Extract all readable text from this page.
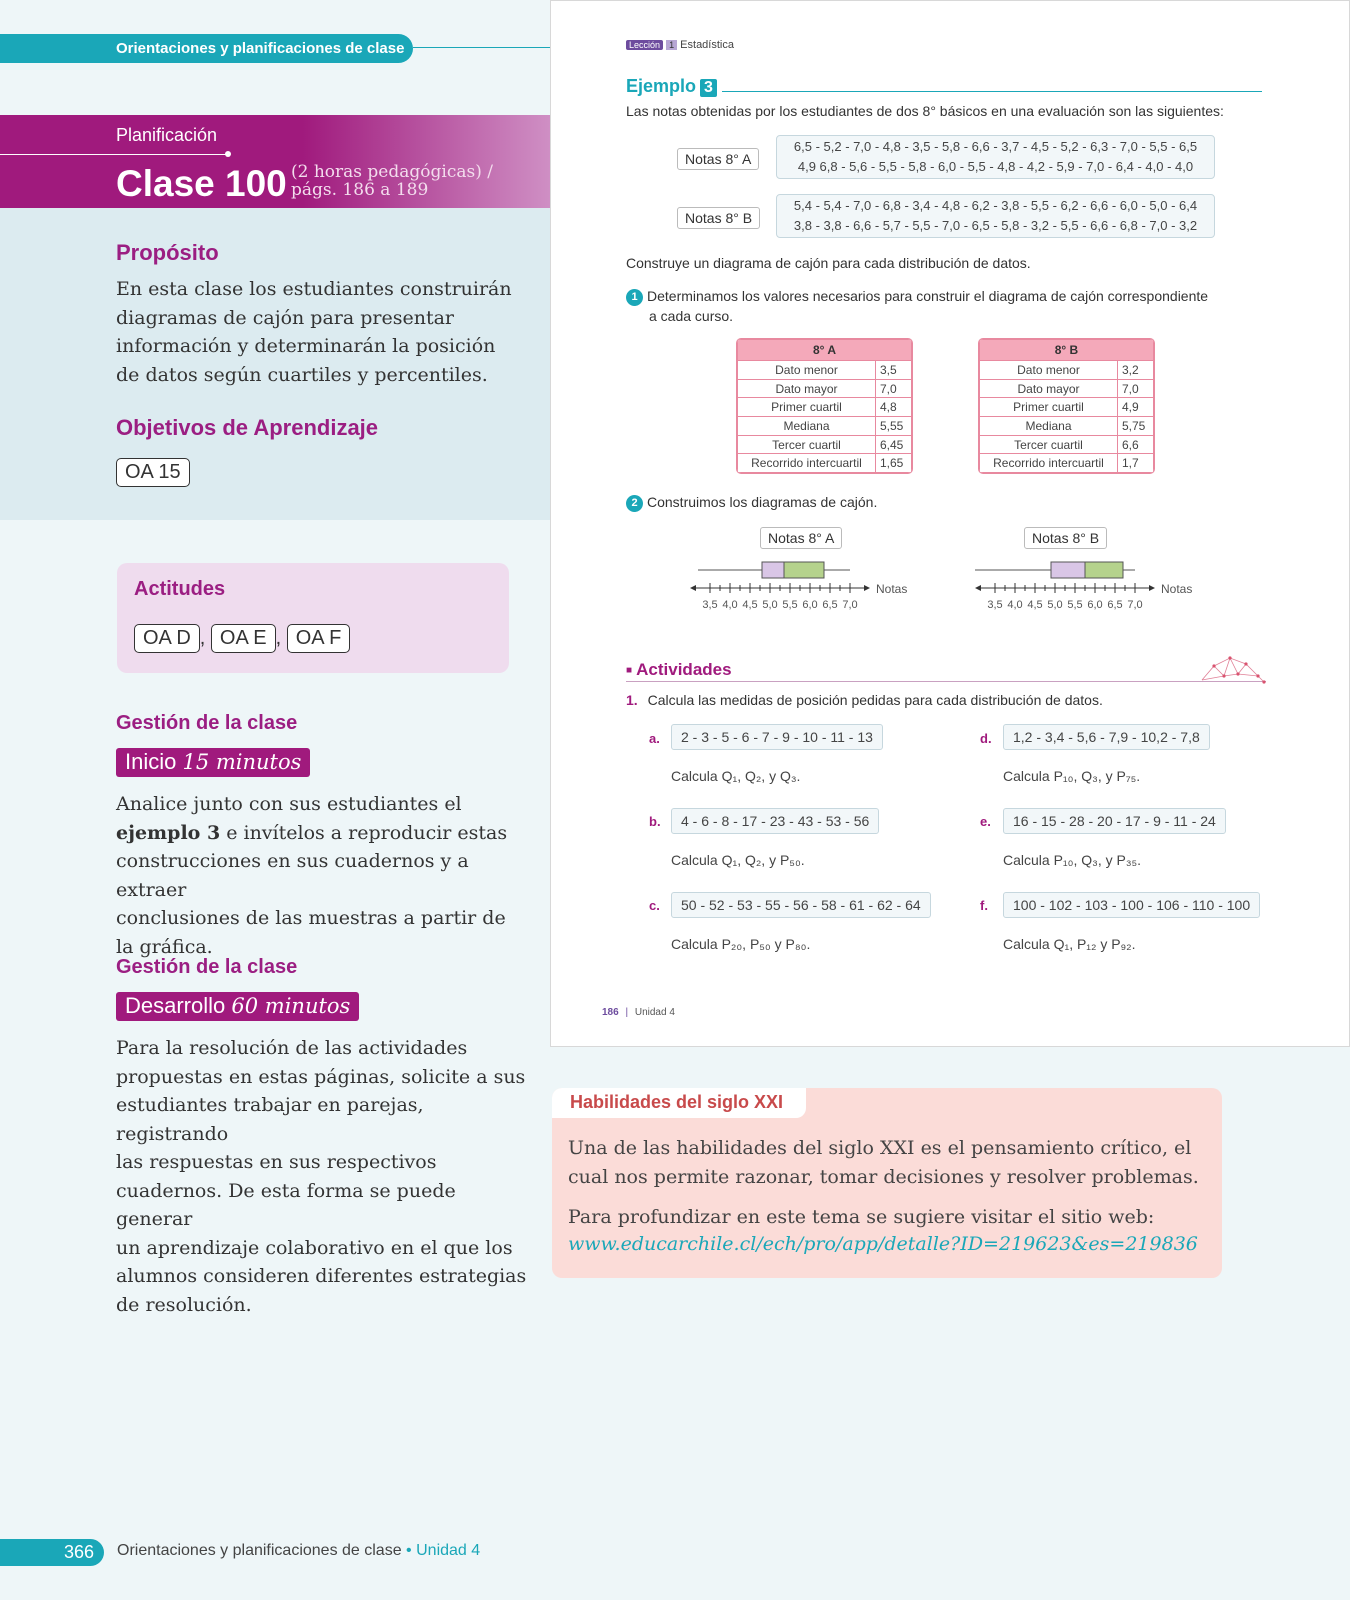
Orientaciones y planificaciones de clase
Planificación
Clase 100 (2 horas pedagógicas) /
págs. 186 a 189
Propósito
En esta clase los estudiantes construirán
diagramas de cajón para presentar
información y determinarán la posición
de datos según cuartiles y percentiles.
Objetivos de Aprendizaje
OA 15
Actitudes
OA D , OA E , OA F
Gestión de la clase
Inicio 15 minutos
Analice junto con sus estudiantes el
ejemplo 3 e invítelos a reproducir estas
construcciones en sus cuadernos y a extraer
conclusiones de las muestras a partir de
la gráfica.
Gestión de la clase
Desarrollo 60 minutos
Para la resolución de las actividades
propuestas en estas páginas, solicite a sus
estudiantes trabajar en parejas, registrando
las respuestas en sus respectivos
cuadernos. De esta forma se puede generar
un aprendizaje colaborativo en el que los
alumnos consideren diferentes estrategias
de resolución.
Lección 1 Estadística
Ejemplo 3
Las notas obtenidas por los estudiantes de dos 8° básicos en una evaluación son las siguientes:
Notas 8° A
6,5 - 5,2 - 7,0 - 4,8 - 3,5 - 5,8 - 6,6 - 3,7 - 4,5 - 5,2 - 6,3 - 7,0 - 5,5 - 6,5
4,9 6,8 - 5,6 - 5,5 - 5,8 - 6,0 - 5,5 - 4,8 - 4,2 - 5,9 - 7,0 - 6,4 - 4,0 - 4,0
Notas 8° B
5,4 - 5,4 - 7,0 - 6,8 - 3,4 - 4,8 - 6,2 - 3,8 - 5,5 - 6,2 - 6,6 - 6,0 - 5,0 - 6,4
3,8 - 3,8 - 6,6 - 5,7 - 5,5 - 7,0 - 6,5 - 5,8 - 3,2 - 5,5 - 6,6 - 6,8 - 7,0 - 3,2
Construye un diagrama de cajón para cada distribución de datos.
1 Determinamos los valores necesarios para construir el diagrama de cajón correspondiente
a cada curso.
8° A	
Dato menor	3,5
Dato mayor	7,0
Primer cuartil	4,8
Mediana	5,55
Tercer cuartil	6,45
Recorrido intercuartil	1,65
8° B	
Dato menor	3,2
Dato mayor	7,0
Primer cuartil	4,9
Mediana	5,75
Tercer cuartil	6,6
Recorrido intercuartil	1,7
2 Construimos los diagramas de cajón.
Notas 8° A
3,5 4,0 4,5 5,0 5,5 6,0 6,5 7,0
Notas
Notas 8° B
3,5 4,0 4,5 5,0 5,5 6,0 6,5 7,0
Notas
■ Actividades
1. Calcula las medidas de posición pedidas para cada distribución de datos.
a.	2 - 3 - 5 - 6 - 7 - 9 - 10 - 11 - 13
Calcula Q₁, Q₂, y Q₃.
b.	4 - 6 - 8 - 17 - 23 - 43 - 53 - 56
Calcula Q₁, Q₂, y P₅₀.
c.	50 - 52 - 53 - 55 - 56 - 58 - 61 - 62 - 64
Calcula P₂₀, P₅₀ y P₈₀.
d.	1,2 - 3,4 - 5,6 - 7,9 - 10,2 - 7,8
Calcula P₁₀, Q₃, y P₇₅.
e.	16 - 15 - 28 - 20 - 17 - 9 - 11 - 24
Calcula P₁₀, Q₃, y P₃₅.
f.	100 - 102 - 103 - 100 - 106 - 110 - 100
Calcula Q₁, P₁₂ y P₉₂.
186 | Unidad 4
Habilidades del siglo XXI
Una de las habilidades del siglo XXI es el pensamiento crítico, el
cual nos permite razonar, tomar decisiones y resolver problemas.
Para profundizar en este tema se sugiere visitar el sitio web:
www.educarchile.cl/ech/pro/app/detalle?ID=219623&es=219836
366	Orientaciones y planificaciones de clase • Unidad 4
